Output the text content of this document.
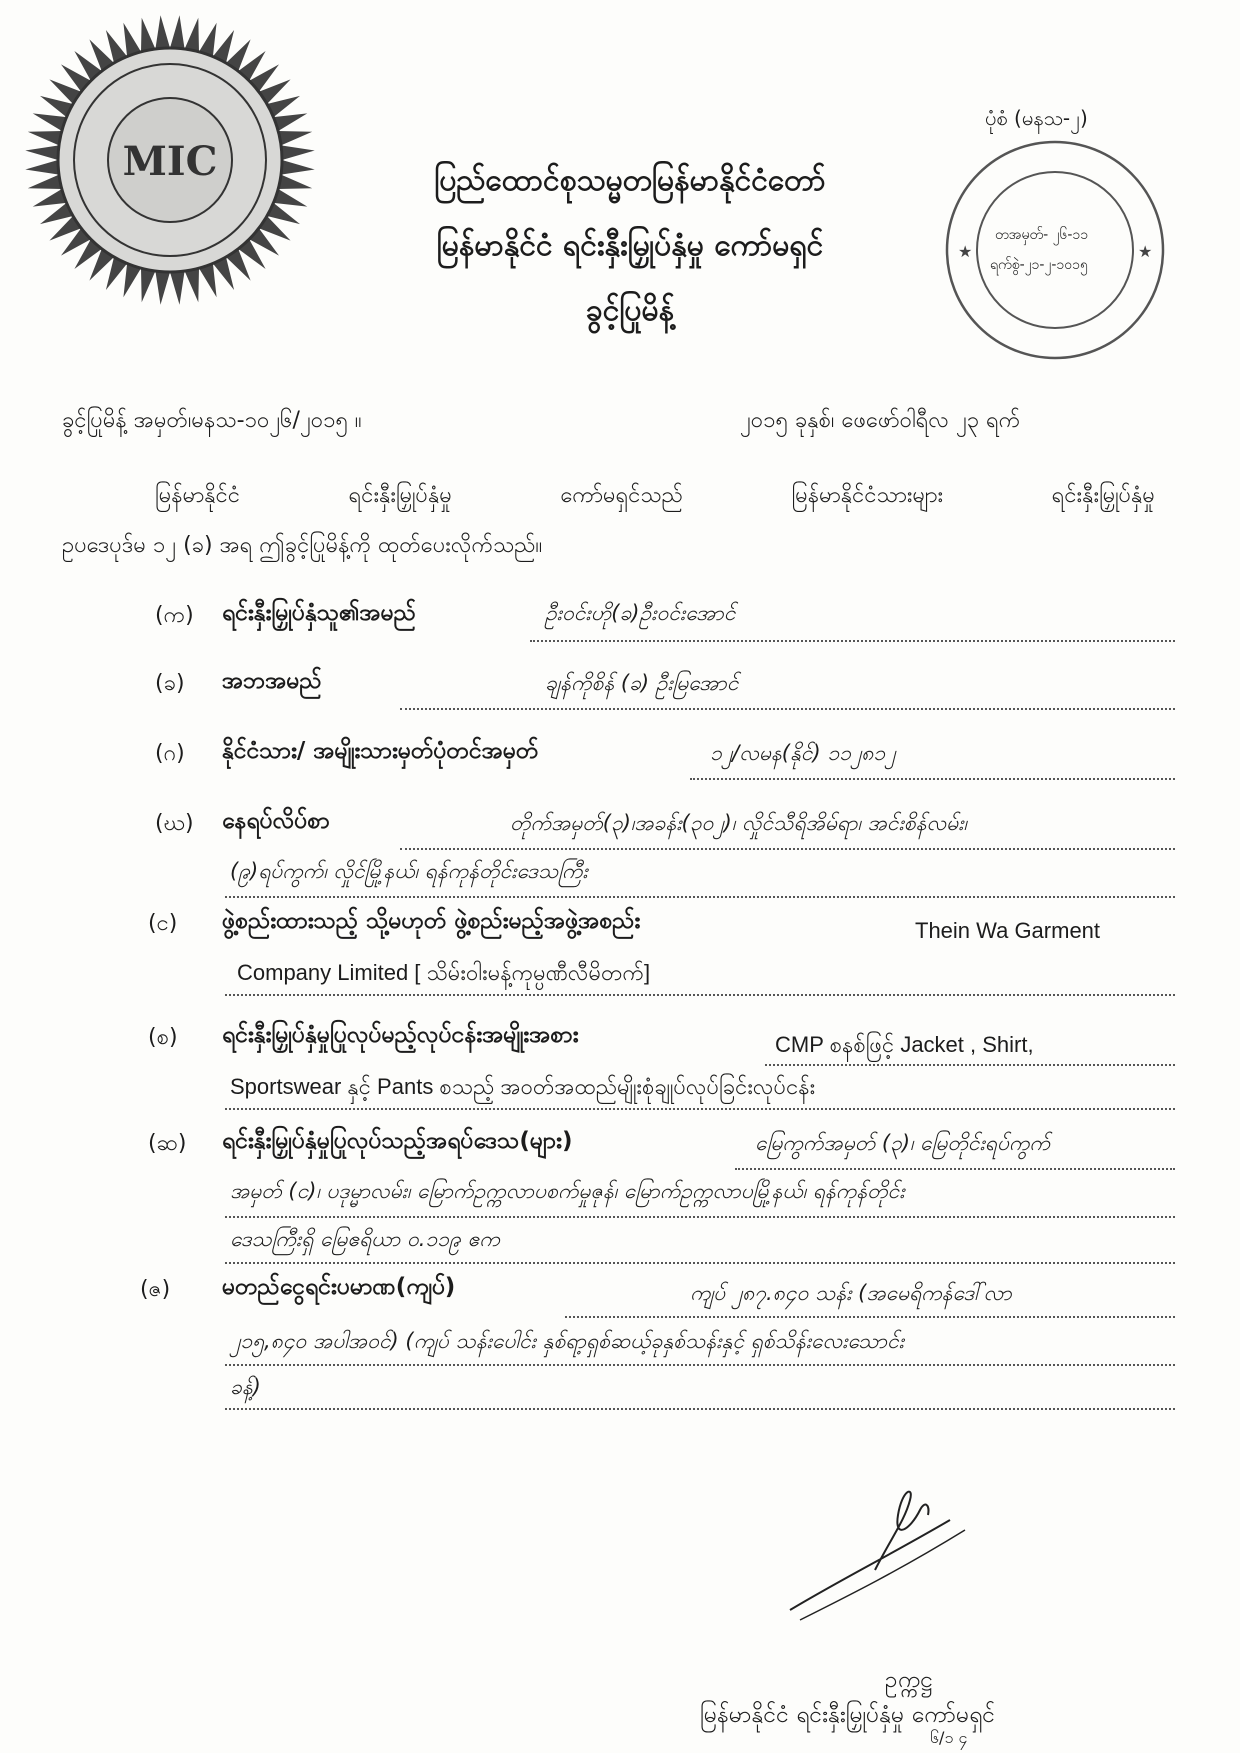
MIC
ပုံစံ (မနသ-၂)
★	★
တအမှတ်- ၂၆-၁၁
ရက်စွဲ-၂၁-၂-၁၀၁၅
ပြည်ထောင်စုသမ္မတမြန်မာနိုင်ငံတော်
မြန်မာနိုင်ငံ ရင်းနှီးမြှုပ်နှံမှု ကော်မရှင်
ခွင့်ပြုမိန့်
ခွင့်ပြုမိန့် အမှတ်၊မနသ-၁၀၂၆/၂၀၁၅ ။	၂၀၁၅ ခုနှစ်၊ ဖေဖော်ဝါရီလ ၂၃ ရက်
မြန်မာနိုင်ငံ ရင်းနှီးမြှုပ်နှံမှု ကော်မရှင်သည် မြန်မာနိုင်ငံသားများ ရင်းနှီးမြှုပ်နှံမှု
ဥပဒေပုဒ်မ ၁၂ (ခ) အရ ဤခွင့်ပြုမိန့်ကို ထုတ်ပေးလိုက်သည်။
(က) ရင်းနှီးမြှုပ်နှံသူ၏အမည်	ဦးဝင်းဟို(ခ)ဦးဝင်းအောင်
(ခ) အဘအမည်	ချန်ကိုစိန် (ခ) ဦးမြအောင်
(ဂ) နိုင်ငံသား/ အမျိုးသားမှတ်ပုံတင်အမှတ်	၁၂/လမန(နိုင်) ၁၁၂၈၁၂
(ဃ) နေရပ်လိပ်စာ	တိုက်အမှတ်(၃)၊အခန်း(၃၀၂)၊ လှိုင်သီရိအိမ်ရာ၊ အင်းစိန်လမ်း၊
(၉)ရပ်ကွက်၊ လှိုင်မြို့နယ်၊ ရန်ကုန်တိုင်းဒေသကြီး
(င) ဖွဲ့စည်းထားသည့် သို့မဟုတ် ဖွဲ့စည်းမည့်အဖွဲ့အစည်း	Thein Wa Garment
Company Limited [ သိမ်းဝါးမန့်ကုမ္ပဏီလီမိတက်]
(စ) ရင်းနှီးမြှုပ်နှံမှုပြုလုပ်မည့်လုပ်ငန်းအမျိုးအစား	CMP စနစ်ဖြင့် Jacket , Shirt,
Sportswear နှင့် Pants စသည့် အဝတ်အထည်မျိုးစုံချုပ်လုပ်ခြင်းလုပ်ငန်း
(ဆ) ရင်းနှီးမြှုပ်နှံမှုပြုလုပ်သည့်အရပ်ဒေသ(များ)	မြေကွက်အမှတ် (၃)၊ မြေတိုင်းရပ်ကွက်
အမှတ် (င)၊ ပဒုမ္မာလမ်း၊ မြောက်ဥက္ကလာပစက်မှုဇုန်၊ မြောက်ဥက္ကလာပမြို့နယ်၊ ရန်ကုန်တိုင်း
ဒေသကြီးရှိ မြေဧရိယာ ၀.၁၁၉ ဧက
(ဇ) မတည်ငွေရင်းပမာဏ(ကျပ်)	ကျပ် ၂၈၇.၈၄၀ သန်း (အမေရိကန်ဒေါ်လာ
၂၁၅,၈၄၀ အပါအဝင်) (ကျပ် သန်းပေါင်း နှစ်ရာ့ရှစ်ဆယ့်ခုနှစ်သန်းနှင့် ရှစ်သိန်းလေးသောင်း
ခန့်)
ဥက္ကဋ္ဌ
မြန်မာနိုင်ငံ ရင်းနှီးမြှုပ်နှံမှု ကော်မရှင်
၆/၁ ၄
